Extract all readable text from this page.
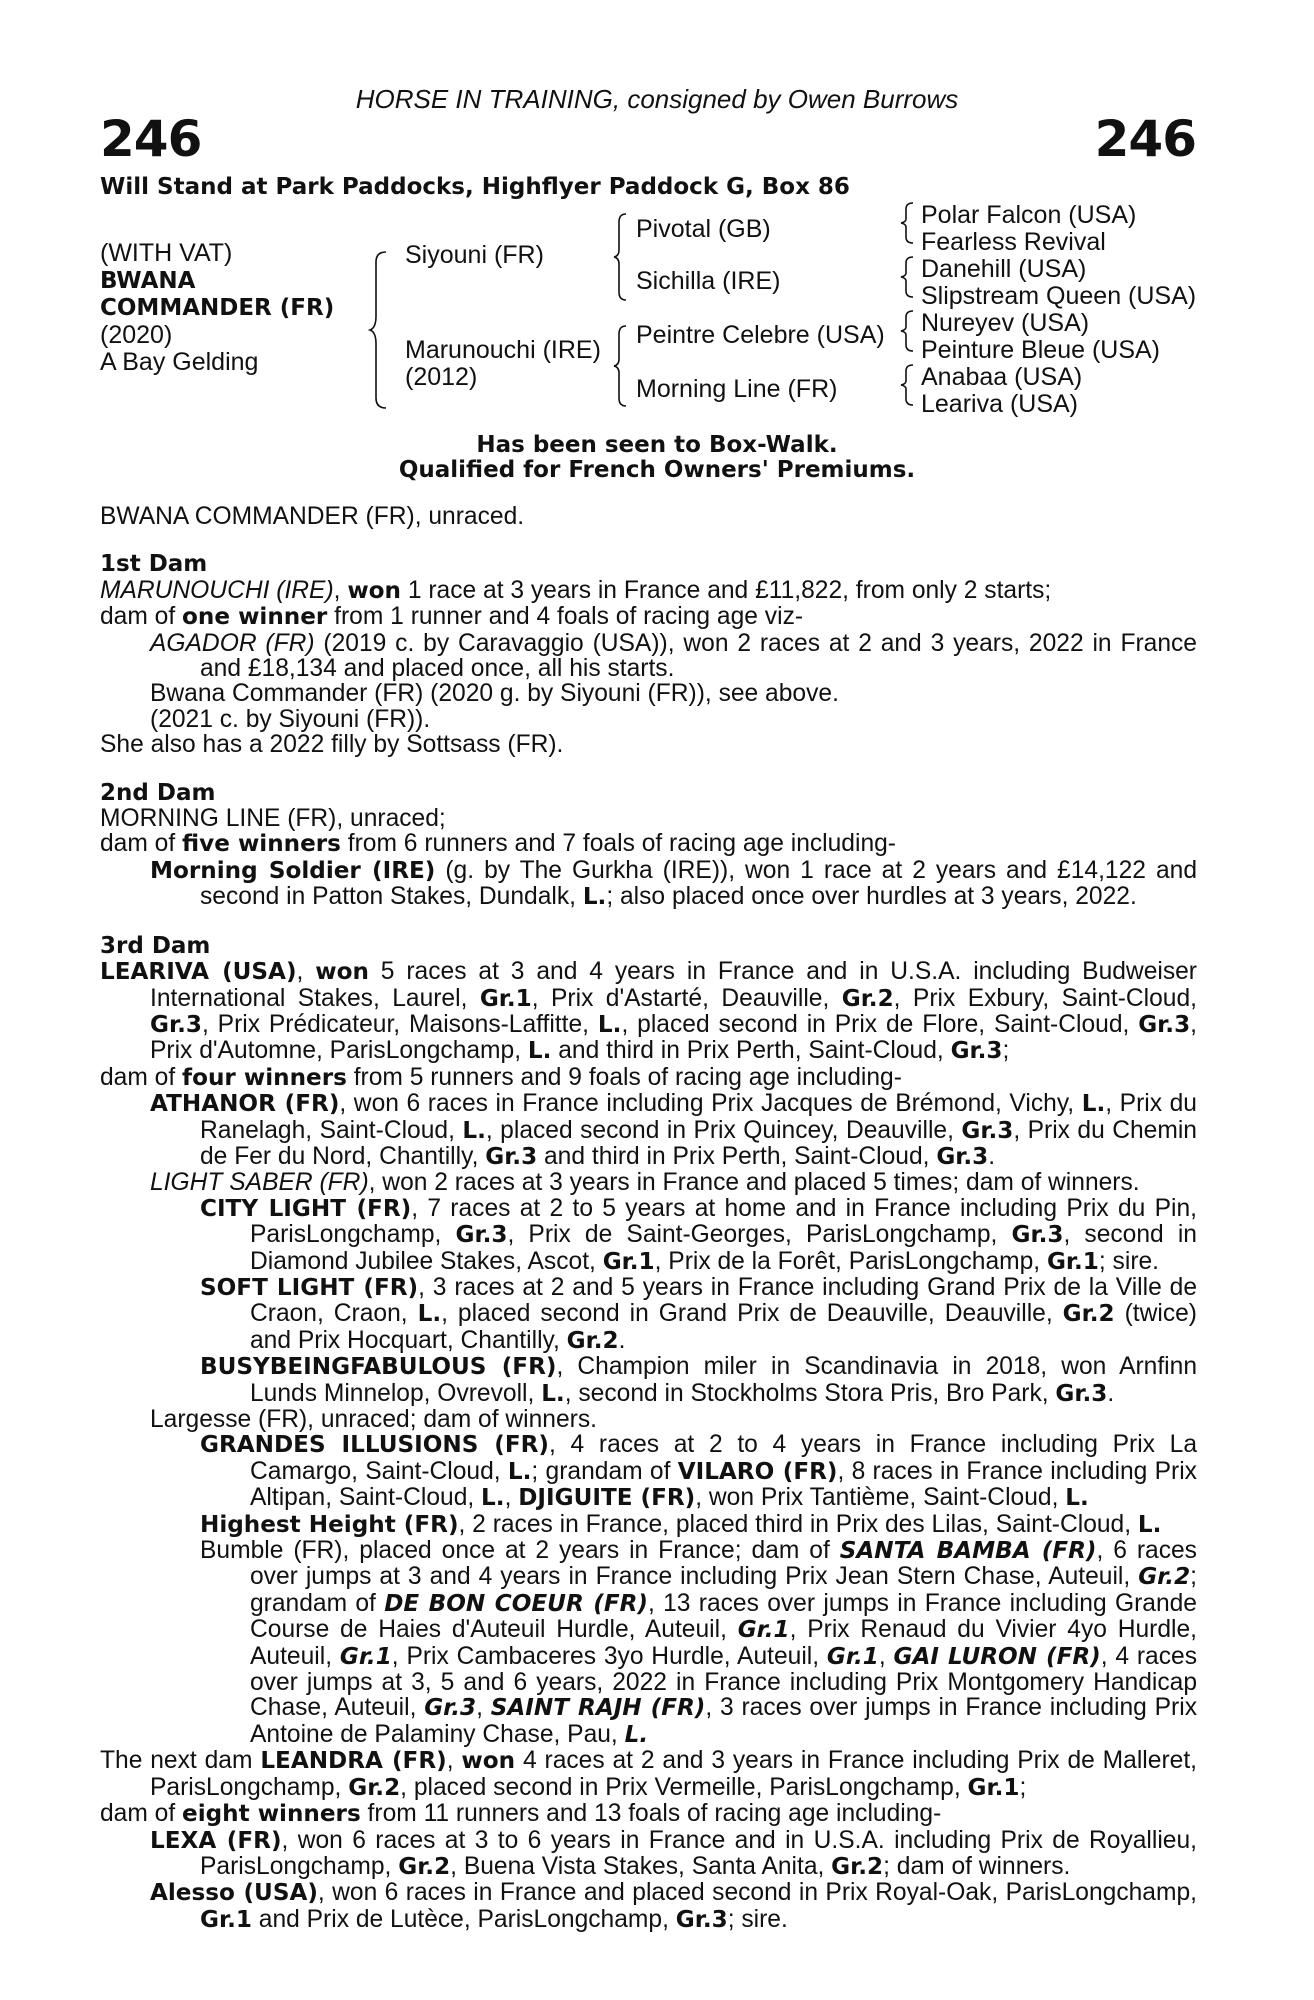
HORSE IN TRAINING, consigned by Owen Burrows
246	246
Will Stand at Park Paddocks, Highflyer Paddock G, Box 86
(WITH VAT)
BWANA
COMMANDER (FR)
(2020)
A Bay Gelding
Siyouni (FR)
Marunouchi (IRE)
(2012)
Pivotal (GB)
Sichilla (IRE)
Peintre Celebre (USA)
Morning Line (FR)
Polar Falcon (USA)
Fearless Revival
Danehill (USA)
Slipstream Queen (USA)
Nureyev (USA)
Peinture Bleue (USA)
Anabaa (USA)
Leariva (USA)
Has been seen to Box-Walk.
Qualified for French Owners' Premiums.

BWANA COMMANDER (FR), unraced.

1st Dam

MARUNOUCHI (IRE), won 1 race at 3 years in France and £11,822, from only 2 starts;

dam of one winner from 1 runner and 4 foals of racing age viz-

AGADOR (FR) (2019 c. by Caravaggio (USA)), won 2 races at 2 and 3 years, 2022 in France and £18,134 and placed once, all his starts.

Bwana Commander (FR) (2020 g. by Siyouni (FR)), see above.

(2021 c. by Siyouni (FR)).

She also has a 2022 filly by Sottsass (FR).

2nd Dam

MORNING LINE (FR), unraced;

dam of five winners from 6 runners and 7 foals of racing age including-

Morning Soldier (IRE) (g. by The Gurkha (IRE)), won 1 race at 2 years and £14,122 and second in Patton Stakes, Dundalk, L.; also placed once over hurdles at 3 years, 2022.

3rd Dam

LEARIVA (USA), won 5 races at 3 and 4 years in France and in U.S.A. including Budweiser International Stakes, Laurel, Gr.1, Prix d'Astarté, Deauville, Gr.2, Prix Exbury, Saint-Cloud, Gr.3, Prix Prédicateur, Maisons-Laffitte, L., placed second in Prix de Flore, Saint-Cloud, Gr.3, Prix d'Automne, ParisLongchamp, L. and third in Prix Perth, Saint-Cloud, Gr.3;

dam of four winners from 5 runners and 9 foals of racing age including-

ATHANOR (FR), won 6 races in France including Prix Jacques de Brémond, Vichy, L., Prix du Ranelagh, Saint-Cloud, L., placed second in Prix Quincey, Deauville, Gr.3, Prix du Chemin de Fer du Nord, Chantilly, Gr.3 and third in Prix Perth, Saint-Cloud, Gr.3.

LIGHT SABER (FR), won 2 races at 3 years in France and placed 5 times; dam of winners.

CITY LIGHT (FR), 7 races at 2 to 5 years at home and in France including Prix du Pin, ParisLongchamp, Gr.3, Prix de Saint-Georges, ParisLongchamp, Gr.3, second in Diamond Jubilee Stakes, Ascot, Gr.1, Prix de la Forêt, ParisLongchamp, Gr.1; sire.

SOFT LIGHT (FR), 3 races at 2 and 5 years in France including Grand Prix de la Ville de Craon, Craon, L., placed second in Grand Prix de Deauville, Deauville, Gr.2 (twice) and Prix Hocquart, Chantilly, Gr.2.

BUSYBEINGFABULOUS (FR), Champion miler in Scandinavia in 2018, won Arnfinn Lunds Minnelop, Ovrevoll, L., second in Stockholms Stora Pris, Bro Park, Gr.3.

Largesse (FR), unraced; dam of winners.

GRANDES ILLUSIONS (FR), 4 races at 2 to 4 years in France including Prix La Camargo, Saint-Cloud, L.; grandam of VILARO (FR), 8 races in France including Prix Altipan, Saint-Cloud, L., DJIGUITE (FR), won Prix Tantième, Saint-Cloud, L.

Highest Height (FR), 2 races in France, placed third in Prix des Lilas, Saint-Cloud, L.

Bumble (FR), placed once at 2 years in France; dam of SANTA BAMBA (FR), 6 races over jumps at 3 and 4 years in France including Prix Jean Stern Chase, Auteuil, Gr.2; grandam of DE BON COEUR (FR), 13 races over jumps in France including Grande Course de Haies d'Auteuil Hurdle, Auteuil, Gr.1, Prix Renaud du Vivier 4yo Hurdle, Auteuil, Gr.1, Prix Cambaceres 3yo Hurdle, Auteuil, Gr.1, GAI LURON (FR), 4 races over jumps at 3, 5 and 6 years, 2022 in France including Prix Montgomery Handicap Chase, Auteuil, Gr.3, SAINT RAJH (FR), 3 races over jumps in France including Prix Antoine de Palaminy Chase, Pau, L.

The next dam LEANDRA (FR), won 4 races at 2 and 3 years in France including Prix de Malleret, ParisLongchamp, Gr.2, placed second in Prix Vermeille, ParisLongchamp, Gr.1;

dam of eight winners from 11 runners and 13 foals of racing age including-

LEXA (FR), won 6 races at 3 to 6 years in France and in U.S.A. including Prix de Royallieu, ParisLongchamp, Gr.2, Buena Vista Stakes, Santa Anita, Gr.2; dam of winners.

Alesso (USA), won 6 races in France and placed second in Prix Royal-Oak, ParisLongchamp, Gr.1 and Prix de Lutèce, ParisLongchamp, Gr.3; sire.
